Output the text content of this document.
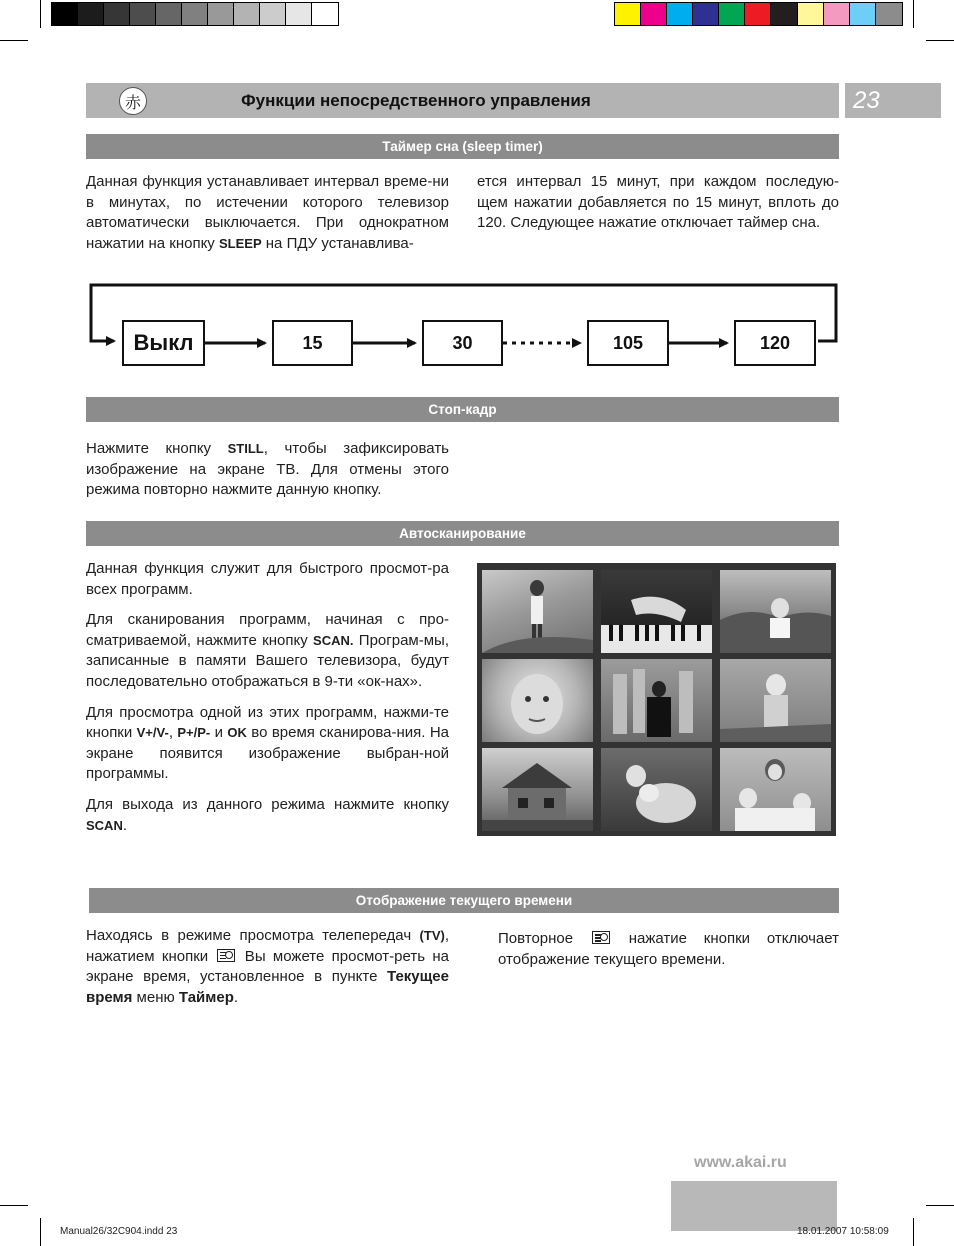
Функции непосредственного управления
赤	23
Таймер сна (sleep timer)
Данная функция устанавливает интервал време-ни в минутах, по истечении которого телевизор автоматически выключается. При однократном нажатии на кнопку SLEEP на ПДУ устанавлива-
ется интервал 15 минут, при каждом последую-щем нажатии добавляется по 15 минут, вплоть до 120. Следующее нажатие отключает таймер сна.
Выкл	15	30	105	120
Стоп-кадр
Нажмите кнопку STILL, чтобы зафиксировать изображение на экране ТВ. Для отмены этого режима повторно нажмите данную кнопку.
Автосканирование

Данная функция служит для быстрого просмот-ра всех программ.

Для сканирования программ, начиная с про-сматриваемой, нажмите кнопку SCAN. Програм-мы, записанные в памяти Вашего телевизора, будут последовательно отображаться в 9-ти «ок-нах».

Для просмотра одной из этих программ, нажми-те кнопки V+/V-, P+/P- и OK во время сканирова-ния. На экране появится изображение выбран-ной программы.

Для выхода из данного режима нажмите кнопку SCAN.

Отображение текущего времени
Находясь в режиме просмотра телепередач (TV), нажатием кнопки  Вы можете просмот-реть на экране время, установленное в пункте Текущее время меню Таймер.
Повторное  нажатие кнопки отключает отображение текущего времени.
www.akai.ru
Manual26/32C904.indd 23	18.01.2007 10:58:09
